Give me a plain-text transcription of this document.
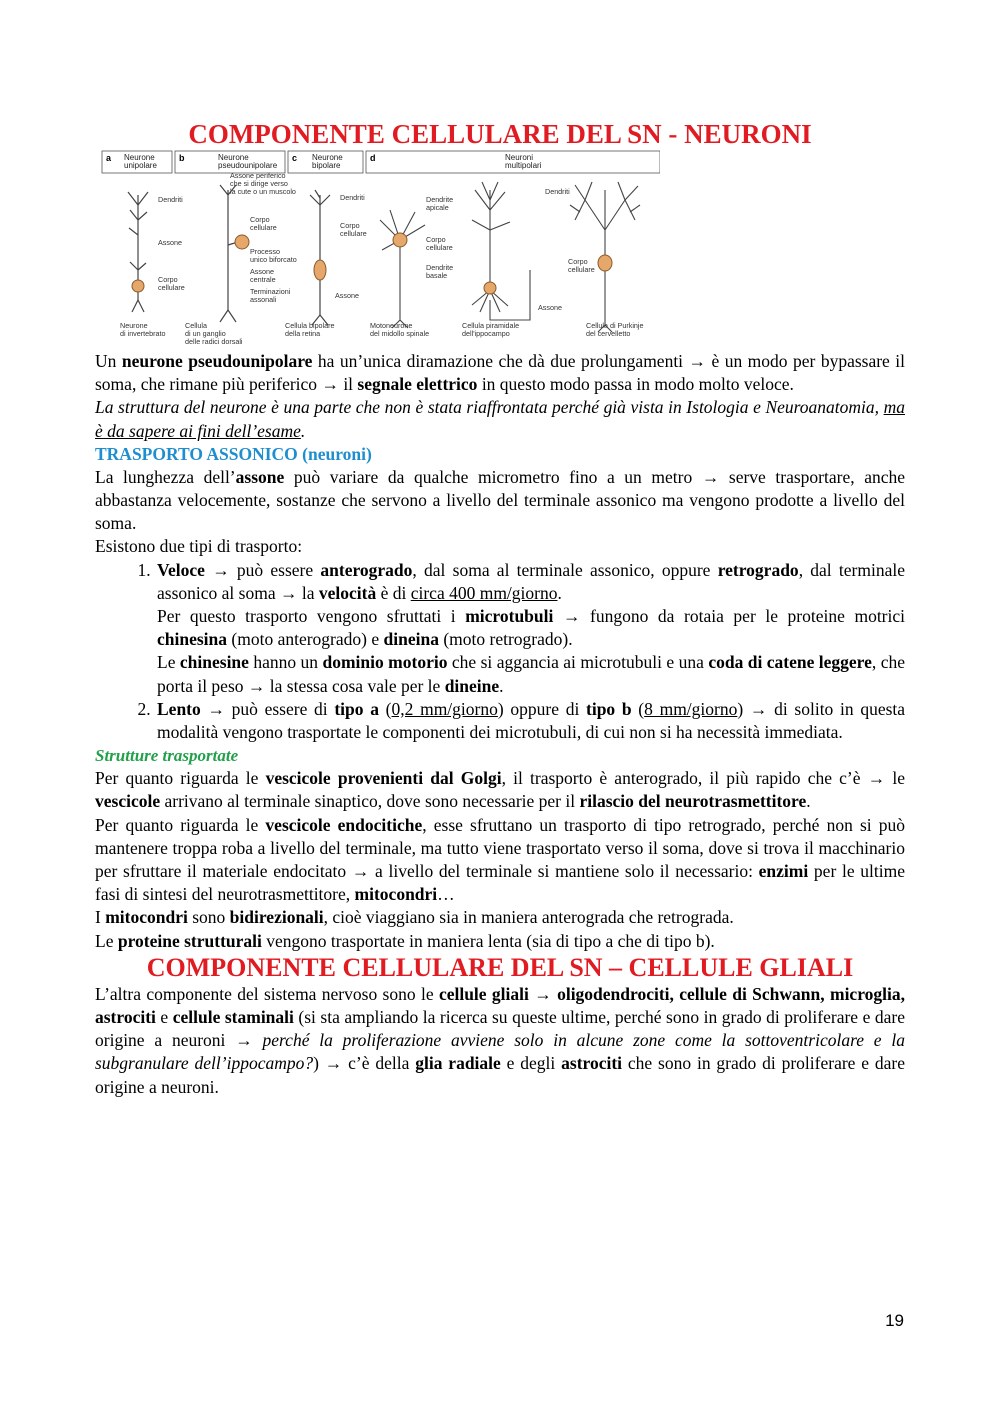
COMPONENTE CELLULARE DEL SN - NEURONI
a	b	c	d
Neurone unipolare
Neurone pseudounipolare
Neurone bipolare
Neuroni multipolari
Dendriti
Assone
Corpo cellulare
Assone periferico che si dirige verso la cute o un muscolo
Corpo cellulare
Processo unico biforcato
Assone centrale
Terminazioni assonali
Dendriti
Corpo cellulare
Assone
Dendrite apicale
Corpo cellulare
Dendrite basale
Assone
Dendriti
Corpo cellulare
Neurone di invertebrato
Cellula di un ganglio delle radici dorsali
Cellula bipolare della retina
Motoneurone del midollo spinale
Cellula piramidale dell'ippocampo
Cellula di Purkinje del cervelletto

Un neurone pseudounipolare ha un’unica diramazione che dà due prolungamenti → è un modo per bypassare il soma, che rimane più periferico → il segnale elettrico in questo modo passa in modo molto veloce.

La struttura del neurone è una parte che non è stata riaffrontata perché già vista in Istologia e Neuroanatomia, ma è da sapere ai fini dell’esame.

TRASPORTO ASSONICO (neuroni)

La lunghezza dell’assone può variare da qualche micrometro fino a un metro → serve trasportare, anche abbastanza velocemente, sostanze che servono a livello del terminale assonico ma vengono prodotte a livello del soma.

Esistono due tipi di trasporto:

1. Veloce → può essere anterogrado, dal soma al terminale assonico, oppure retrogrado, dal terminale assonico al soma → la velocità è di circa 400 mm/giorno.
Per questo trasporto vengono sfruttati i microtubuli → fungono da rotaia per le proteine motrici chinesina (moto anterogrado) e dineina (moto retrogrado).
Le chinesine hanno un dominio motorio che si aggancia ai microtubuli e una coda di catene leggere, che porta il peso → la stessa cosa vale per le dineine.
2. Lento → può essere di tipo a (0,2 mm/giorno) oppure di tipo b (8 mm/giorno) → di solito in questa modalità vengono trasportate le componenti dei microtubuli, di cui non si ha necessità immediata.
Strutture trasportate

Per quanto riguarda le vescicole provenienti dal Golgi, il trasporto è anterogrado, il più rapido che c’è → le vescicole arrivano al terminale sinaptico, dove sono necessarie per il rilascio del neurotrasmettitore.

Per quanto riguarda le vescicole endocitiche, esse sfruttano un trasporto di tipo retrogrado, perché non si può mantenere troppa roba a livello del terminale, ma tutto viene trasportato verso il soma, dove si trova il macchinario per sfruttare il materiale endocitato → a livello del terminale si mantiene solo il necessario: enzimi per le ultime fasi di sintesi del neurotrasmettitore, mitocondri…

I mitocondri sono bidirezionali, cioè viaggiano sia in maniera anterograda che retrograda.

Le proteine strutturali vengono trasportate in maniera lenta (sia di tipo a che di tipo b).

COMPONENTE CELLULARE DEL SN – CELLULE GLIALI

L’altra componente del sistema nervoso sono le cellule gliali → oligodendrociti, cellule di Schwann, microglia, astrociti e cellule staminali (si sta ampliando la ricerca su queste ultime, perché sono in grado di proliferare e dare origine a neuroni → perché la proliferazione avviene solo in alcune zone come la sottoventricolare e la subgranulare dell’ippocampo?) → c’è della glia radiale e degli astrociti che sono in grado di proliferare e dare origine a neuroni.

19
